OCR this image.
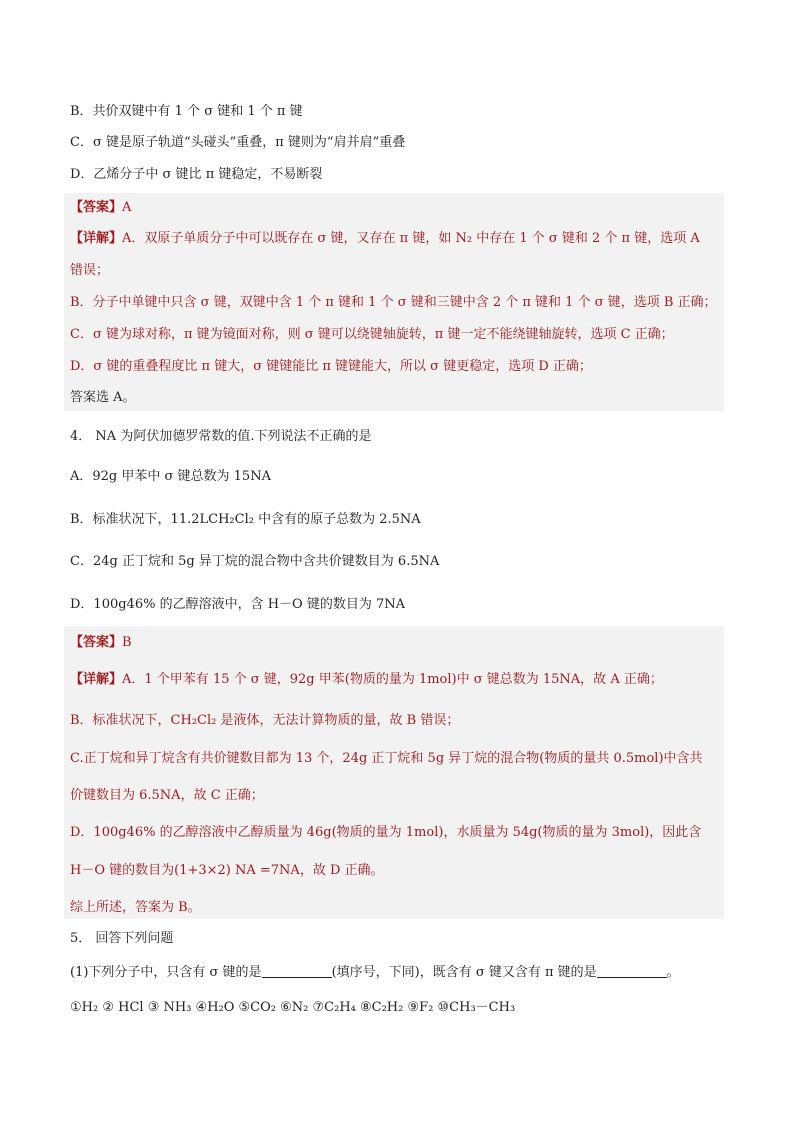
B．共价双键中有 1 个 σ 键和 1 个 π 键
C．σ 键是原子轨道“头碰头”重叠，π 键则为“肩并肩”重叠
D．乙烯分子中 σ 键比 π 键稳定，不易断裂
【答案】A
【详解】A．双原子单质分子中可以既存在 σ 键，又存在 π 键，如 N₂ 中存在 1 个 σ 键和 2 个 π 键，选项 A
错误；
B．分子中单键中只含 σ 键，双键中含 1 个 π 键和 1 个 σ 键和三键中含 2 个 π 键和 1 个 σ 键，选项 B 正确；
C．σ 键为球对称，π 键为镜面对称，则 σ 键可以绕键轴旋转，π 键一定不能绕键轴旋转，选项 C 正确；
D．σ 键的重叠程度比 π 键大，σ 键键能比 π 键键能大，所以 σ 键更稳定，选项 D 正确；
答案选 A。
4． NA 为阿伏加德罗常数的值.下列说法不正确的是
A．92g 甲苯中 σ 键总数为 15NA
B．标准状况下，11.2LCH₂Cl₂ 中含有的原子总数为 2.5NA
C．24g 正丁烷和 5g 异丁烷的混合物中含共价键数目为 6.5NA
D．100g46% 的乙醇溶液中，含 H－O 键的数目为 7NA
【答案】B
【详解】A．1 个甲苯有 15 个 σ 键，92g 甲苯(物质的量为 1mol)中 σ 键总数为 15NA，故 A 正确；
B．标准状况下，CH₂Cl₂ 是液体，无法计算物质的量，故 B 错误；
C.正丁烷和异丁烷含有共价键数目都为 13 个，24g 正丁烷和 5g 异丁烷的混合物(物质的量共 0.5mol)中含共
价键数目为 6.5NA，故 C 正确；
D．100g46% 的乙醇溶液中乙醇质量为 46g(物质的量为 1mol)，水质量为 54g(物质的量为 3mol)，因此含
H－O 键的数目为(1+3×2) NA =7NA，故 D 正确。
综上所述，答案为 B。
5． 回答下列问题
(1)下列分子中，只含有 σ 键的是	(填序号，下同)，既含有 σ 键又含有 π 键的是	。
①H₂ ② HCl ③ NH₃ ④H₂O ⑤CO₂ ⑥N₂ ⑦C₂H₄ ⑧C₂H₂ ⑨F₂ ⑩CH₃－CH₃
